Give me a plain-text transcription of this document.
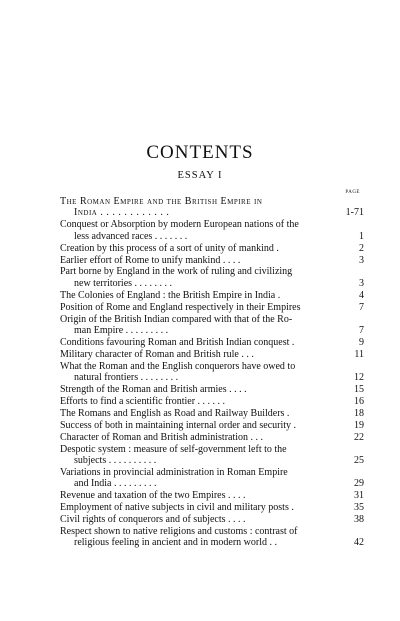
CONTENTS
ESSAY I
PAGE
The Roman Empire and the British Empire in
India . . . . . . . . . . . .	1-71
Conquest or Absorption by modern European nations of the
less advanced races . . . . . . .	1
Creation by this process of a sort of unity of mankind .	2
Earlier effort of Rome to unify mankind . . . .	3
Part borne by England in the work of ruling and civilizing
new territories . . . . . . . .	3
The Colonies of England : the British Empire in India .	4
Position of Rome and England respectively in their Empires	7
Origin of the British Indian compared with that of the Ro-
man Empire . . . . . . . . .	7
Conditions favouring Roman and British Indian conquest .	9
Military character of Roman and British rule . . .	11
What the Roman and the English conquerors have owed to
natural frontiers . . . . . . . .	12
Strength of the Roman and British armies . . . .	15
Efforts to find a scientific frontier . . . . . .	16
The Romans and English as Road and Railway Builders .	18
Success of both in maintaining internal order and security .	19
Character of Roman and British administration . . .	22
Despotic system : measure of self-government left to the
subjects . . . . . . . . . .	25
Variations in provincial administration in Roman Empire
and India . . . . . . . . .	29
Revenue and taxation of the two Empires . . . .	31
Employment of native subjects in civil and military posts .	35
Civil rights of conquerors and of subjects . . . .	38
Respect shown to native religions and customs : contrast of
religious feeling in ancient and in modern world . .	42
